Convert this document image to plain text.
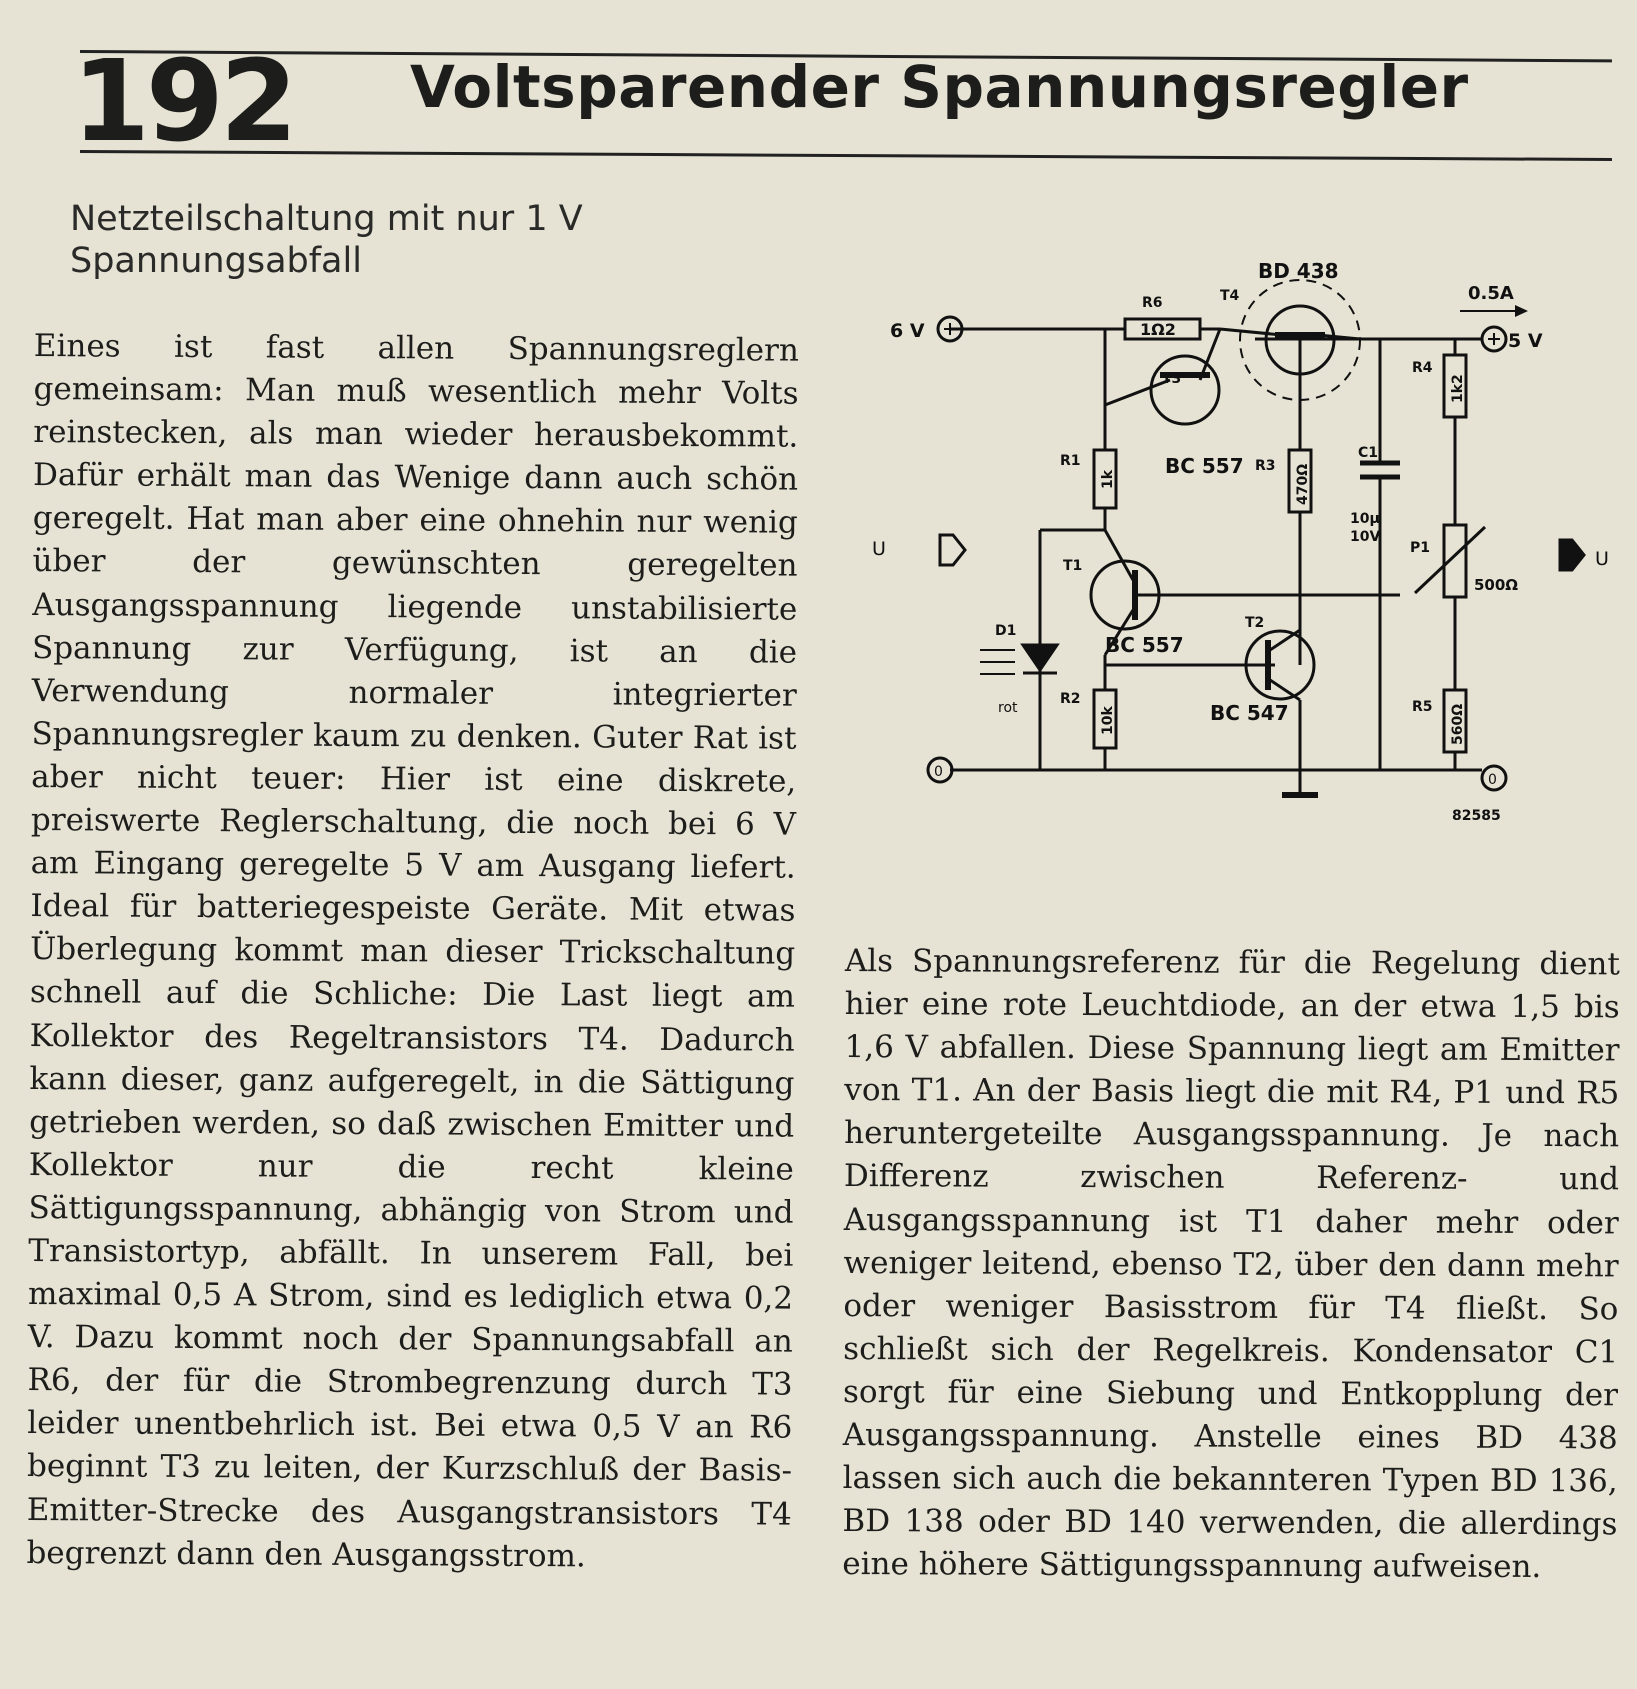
192 Voltsparender Spannungsregler
Netzteilschaltung mit nur 1 V Spannungsabfall
Eines ist fast allen Spannungsreglern gemeinsam: Man muß wesentlich mehr Volts reinstecken, als man wieder herausbekommt. Dafür erhält man das Wenige dann auch schön geregelt. Hat man aber eine ohnehin nur wenig über der gewünschten geregelten Ausgangsspannung liegende unstabilisierte Spannung zur Verfügung, ist an die Verwendung normaler integrierter Spannungsregler kaum zu denken. Guter Rat ist aber nicht teuer: Hier ist eine diskrete, preiswerte Reglerschaltung, die noch bei 6 V am Eingang geregelte 5 V am Ausgang liefert. Ideal für batteriegespeiste Geräte. Mit etwas Überlegung kommt man dieser Trickschaltung schnell auf die Schliche: Die Last liegt am Kollektor des Regeltransistors T4. Dadurch kann dieser, ganz aufgeregelt, in die Sättigung getrieben werden, so daß zwischen Emitter und Kollektor nur die recht kleine Sättigungsspannung, abhängig von Strom und Transistortyp, abfällt. In unserem Fall, bei maximal 0,5 A Strom, sind es lediglich etwa 0,2 V. Dazu kommt noch der Spannungsabfall an R6, der für die Strombegrenzung durch T3 leider unentbehrlich ist. Bei etwa 0,5 V an R6 beginnt T3 zu leiten, der Kurzschluß der Basis-Emitter-Strecke des Ausgangstransistors T4 begrenzt dann den Ausgangsstrom.
6 V	5 V
0.5A
U	U
0	0
82585
R6
1Ω2
R1
1k
R2
10k
R3 470Ω
R4
1k2
R5 560Ω
P1
500Ω
C1
10μ
10V
D1
rot
T1
BC 557
T2
BC 547
T3
BC 557
T4
BD 438
Als Spannungsreferenz für die Regelung dient hier eine rote Leuchtdiode, an der etwa 1,5 bis 1,6 V abfallen. Diese Spannung liegt am Emitter von T1. An der Basis liegt die mit R4, P1 und R5 heruntergeteilte Ausgangsspannung. Je nach Differenz zwischen Referenz- und Ausgangsspannung ist T1 daher mehr oder weniger leitend, ebenso T2, über den dann mehr oder weniger Basisstrom für T4 fließt. So schließt sich der Regelkreis. Kondensator C1 sorgt für eine Siebung und Entkopplung der Ausgangsspannung. Anstelle eines BD 438 lassen sich auch die bekannteren Typen BD 136, BD 138 oder BD 140 verwenden, die allerdings eine höhere Sättigungsspannung aufweisen.
